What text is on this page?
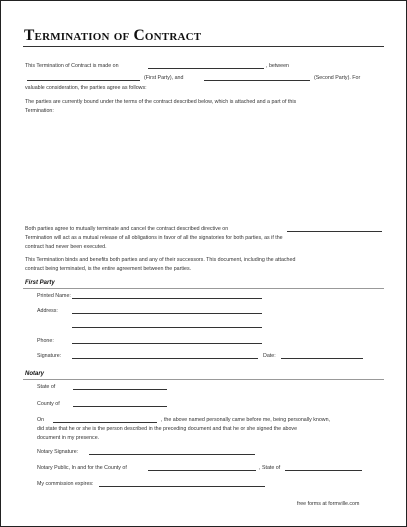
Termination of Contract
This Termination of Contract is made on	, between
(First Party), and	(Second Party). For
valuable consideration, the parties agree as follows:
The parties are currently bound under the terms of the contract described below, which is attached and a part of this
Termination:
Both parties agree to mutually terminate and cancel the contract described directive on
Termination will act as a mutual release of all obligations in favor of all the signatories for both parties, as if the
contract had never been executed.
This Termination binds and benefits both parties and any of their successors. This document, including the attached
contract being terminated, is the entire agreement between the parties.
First Party
Printed Name:
Address:
Phone:
Signature:	Date:
Notary
State of
County of
On	, the above named personally came before me, being personally known,
did state that he or she is the person described in the preceding document and that he or she signed the above
document in my presence.
Notary Signature:
Notary Public, In and for the County of	, State of
My commission expires:
free forms at formville.com
